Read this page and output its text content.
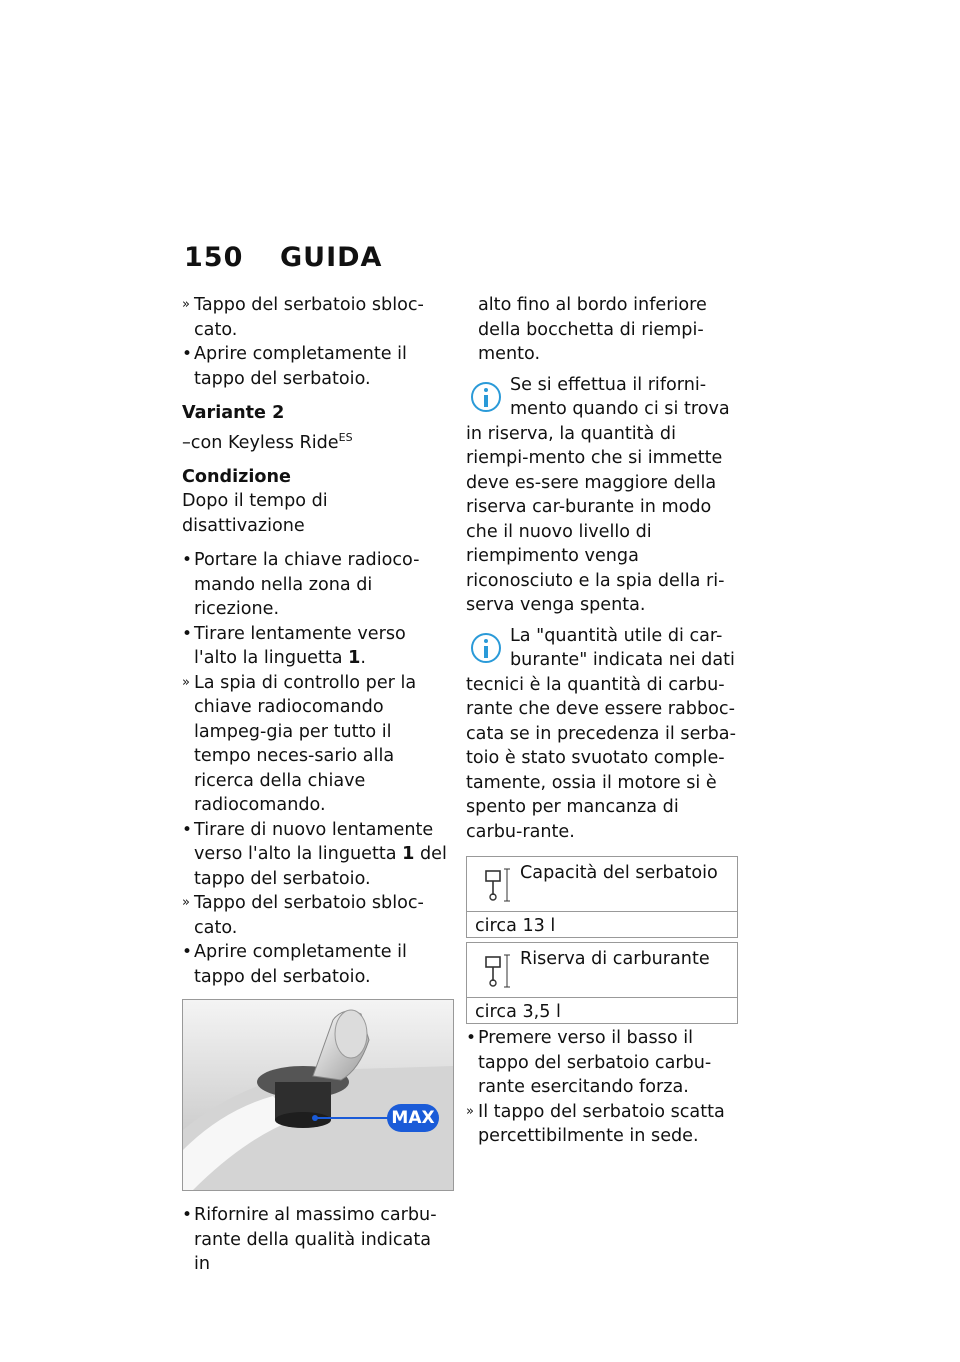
150 GUIDA
» Tappo del serbatoio sbloc-cato.
• Aprire completamente il tappo del serbatoio.
Variante 2
–con Keyless Ride$^{ES}$
Condizione
Dopo il tempo di disattivazione
• Portare la chiave radioco-mando nella zona di ricezione.
• Tirare lentamente verso l'alto la linguetta 1.
» La spia di controllo per la chiave radiocomando lampeg-gia per tutto il tempo neces-sario alla ricerca della chiave radiocomando.
• Tirare di nuovo lentamente verso l'alto la linguetta 1 del tappo del serbatoio.
» Tappo del serbatoio sbloc-cato.
• Aprire completamente il tappo del serbatoio.
MAX
• Rifornire al massimo carbu-rante della qualità indicata in
alto fino al bordo inferiore della bocchetta di riempi-mento.
Se si effettua il riforni-mento quando ci si trova in riserva, la quantità di riempi-mento che si immette deve es-sere maggiore della riserva car-burante in modo che il nuovo livello di riempimento venga riconosciuto e la spia della ri-serva venga spenta.
La "quantità utile di car-burante" indicata nei dati tecnici è la quantità di carbu-rante che deve essere rabboc-cata se in precedenza il serba-toio è stato svuotato comple-tamente, ossia il motore si è spento per mancanza di carbu-rante.
Capacità del serbatoio
circa 13 l
Riserva di carburante
circa 3,5 l
• Premere verso il basso il tappo del serbatoio carbu-rante esercitando forza.
» Il tappo del serbatoio scatta percettibilmente in sede.
